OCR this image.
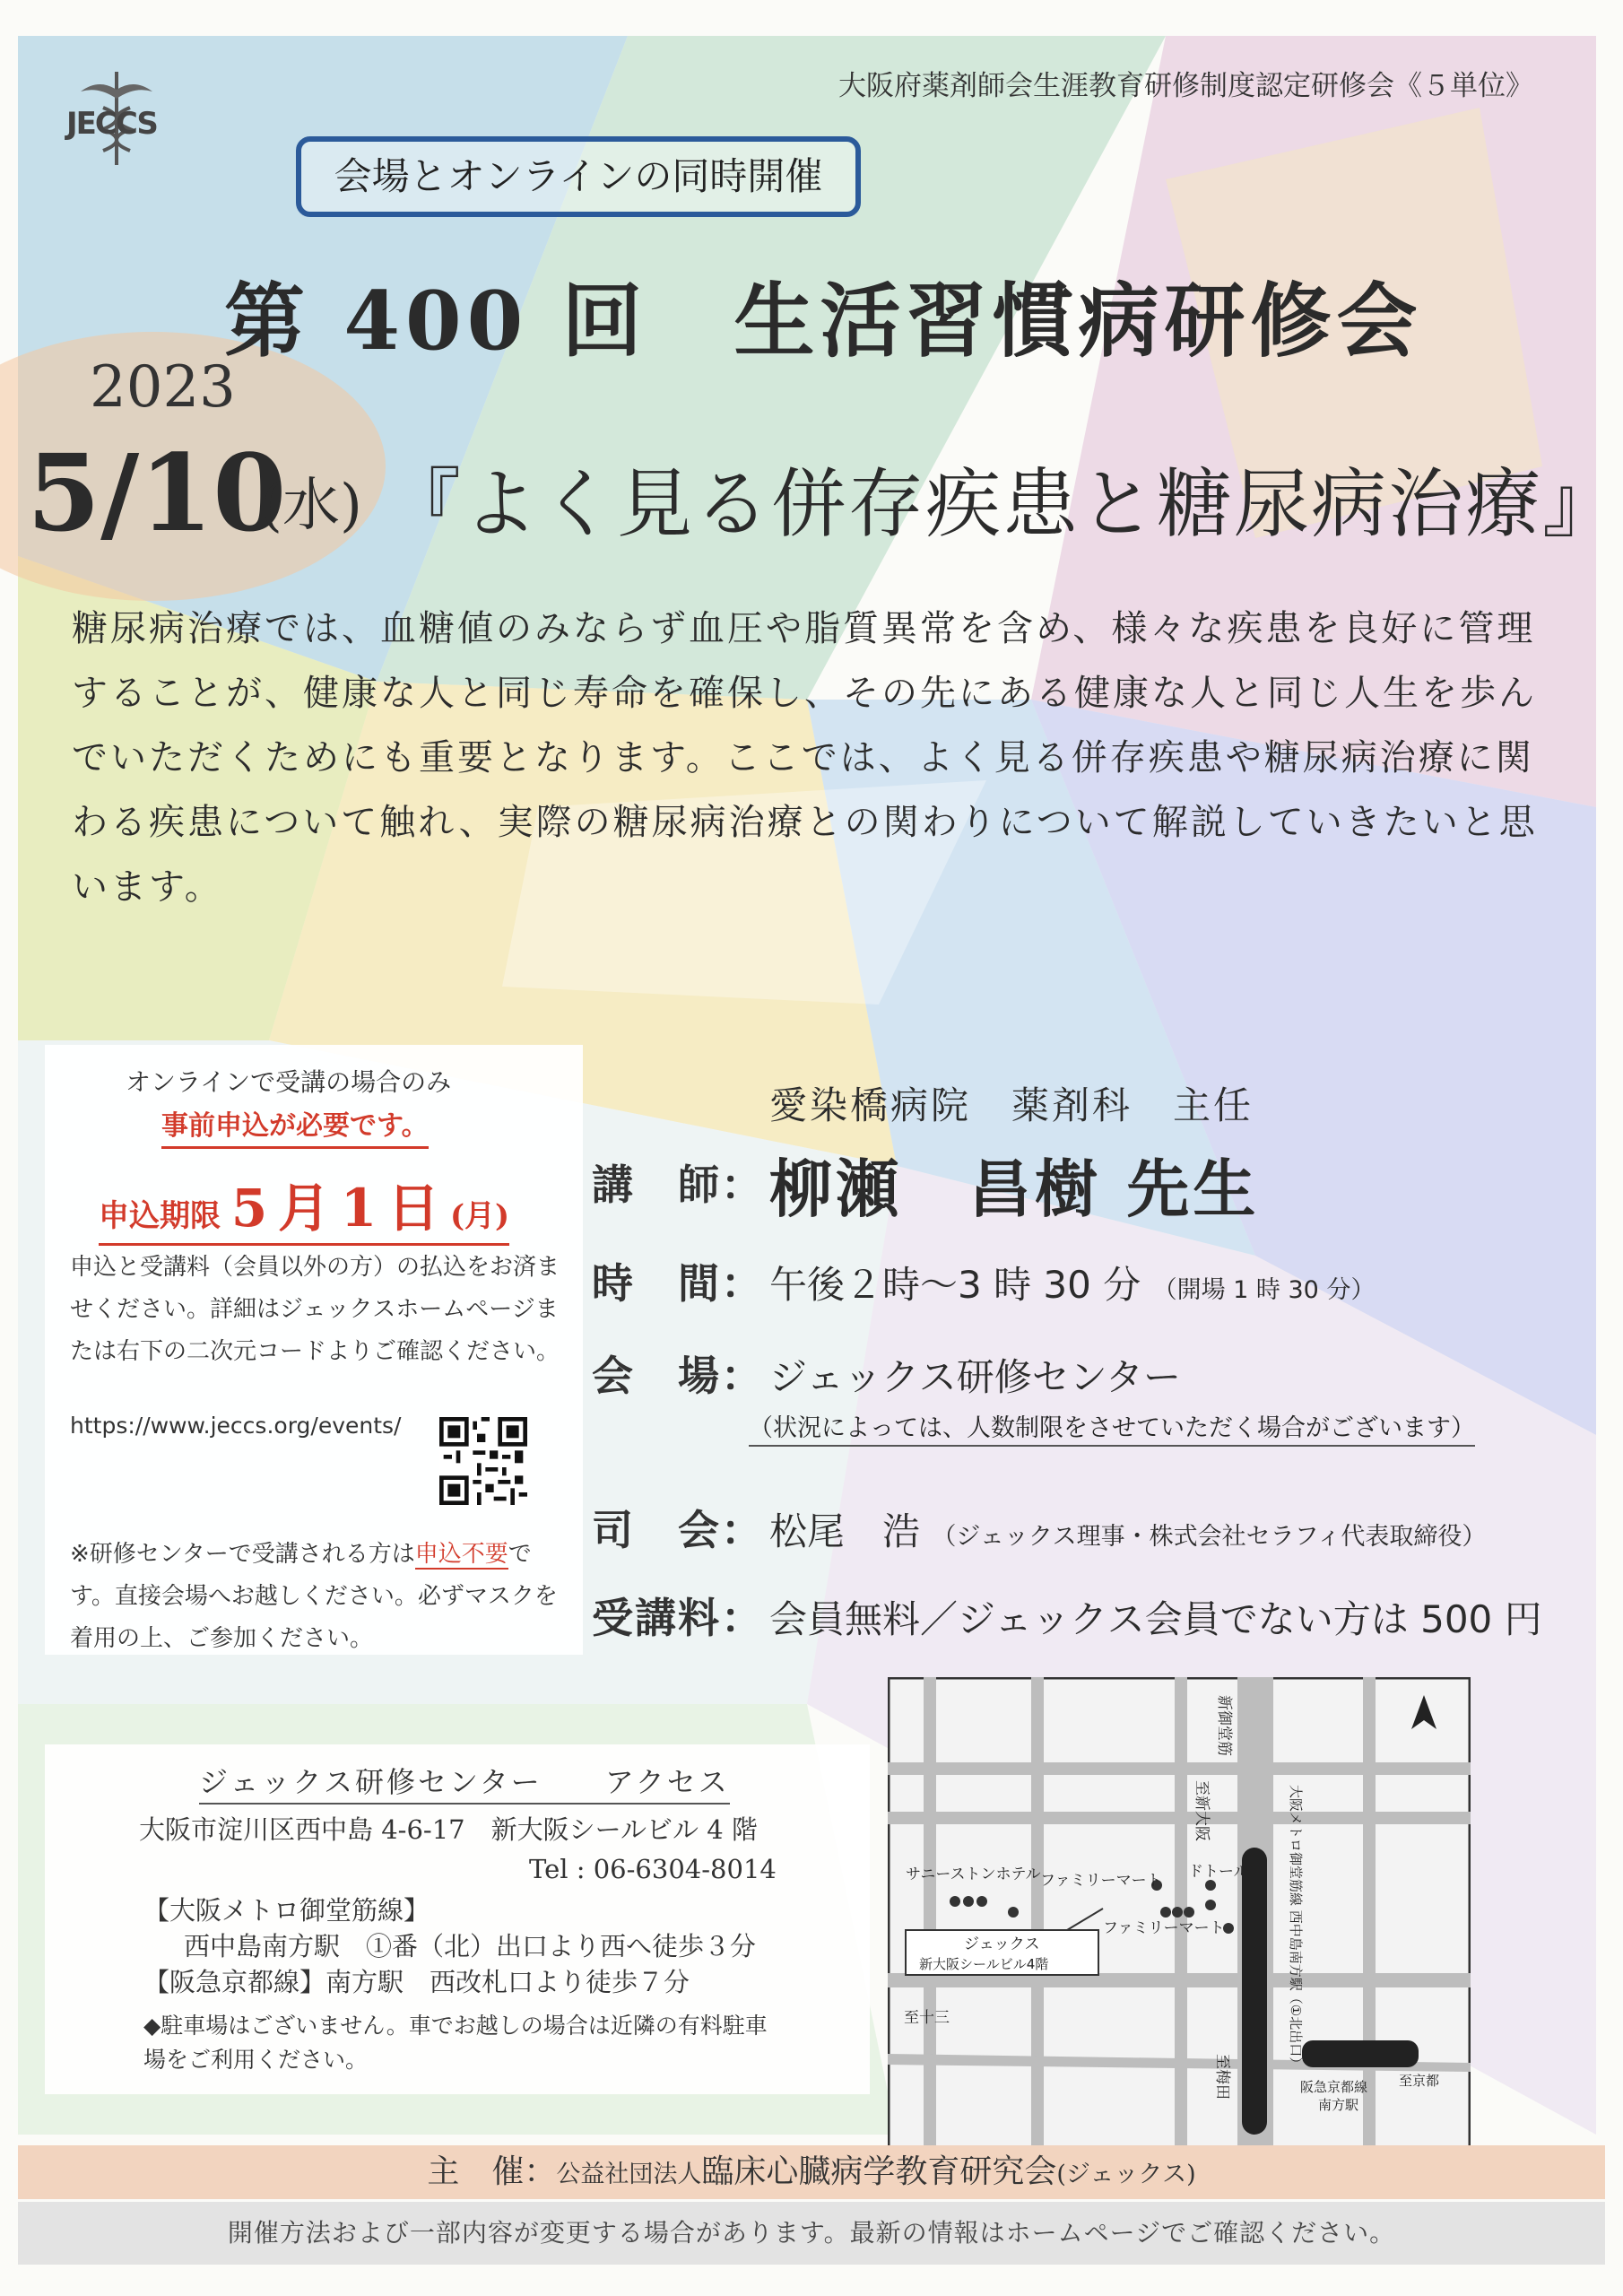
JECCS
大阪府薬剤師会生涯教育研修制度認定研修会《５単位》
会場とオンラインの同時開催
第 400 回　生活習慣病研修会
2023
5/10
(水) 『よく見る併存疾患と糖尿病治療』
糖尿病治療では、血糖値のみならず血圧や脂質異常を含め、様々な疾患を良好に管理することが、健康な人と同じ寿命を確保し、その先にある健康な人と同じ人生を歩んでいただくためにも重要となります。ここでは、よく見る併存疾患や糖尿病治療に関わる疾患について触れ、実際の糖尿病治療との関わりについて解説していきたいと思います。
オンラインで受講の場合のみ
事前申込が必要です。
申込期限 5 月 1 日 (月)
申込と受講料（会員以外の方）の払込をお済ませください。詳細はジェックスホームページまたは右下の二次元コードよりご確認ください。
https://www.jeccs.org/events/
※研修センターで受講される方は申込不要です。直接会場へお越しください。必ずマスクを着用の上、ご参加ください。
愛染橋病院　薬剤科　主任
講　師： 柳瀬　昌樹 先生
時　間： 午後２時〜3 時 30 分 （開場 1 時 30 分）
会　場： ジェックス研修センター
（状況によっては、人数制限をさせていただく場合がございます）
司　会： 松尾　浩 （ジェックス理事・株式会社セラフィ代表取締役）
受講料： 会員無料／ジェックス会員でない方は 500 円
ジェックス研修センター　　アクセス
大阪市淀川区西中島 4-6-17　新大阪シールビル 4 階
Tel : 06-6304-8014
【大阪メトロ御堂筋線】
西中島南方駅　①番（北）出口より西へ徒歩３分
【阪急京都線】南方駅　西改札口より徒歩７分
◆駐車場はございません。車でお越しの場合は近隣の有料駐車場をご利用ください。
新御堂筋
至新大阪
サニーストンホテル ファミリーマート ドトール
ファミリーマート
ジェックス
新大阪シールビル4階
至十三
至梅田
大阪メトロ御堂筋線 西中島南方駅（①北出口）
阪急京都線
南方駅
至京都
主　催：公益社団法人臨床心臓病学教育研究会(ジェックス)
開催方法および一部内容が変更する場合があります。最新の情報はホームページでご確認ください。
